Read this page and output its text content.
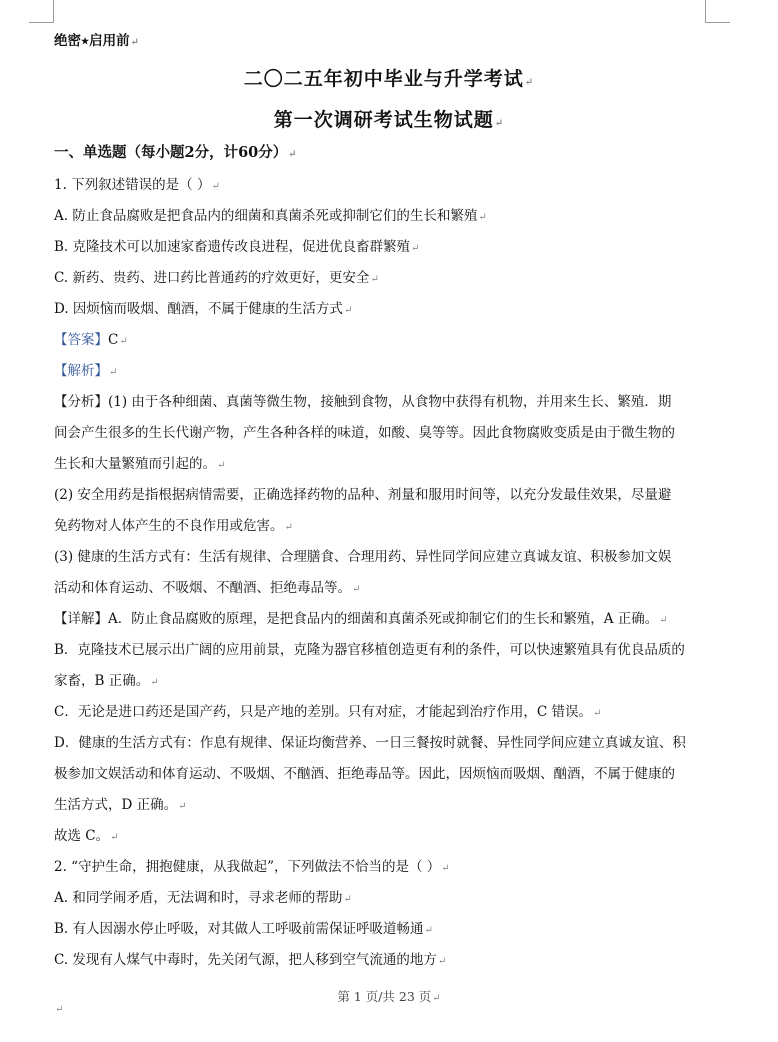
绝密★启用前↵
二〇二五年初中毕业与升学考试↵
第一次调研考试生物试题↵
一、单选题（每小题2分，计60分）↵
1. 下列叙述错误的是（ ）↵
A. 防止食品腐败是把食品内的细菌和真菌杀死或抑制它们的生长和繁殖↵
B. 克隆技术可以加速家畜遗传改良进程，促进优良畜群繁殖↵
C. 新药、贵药、进口药比普通药的疗效更好，更安全↵
D. 因烦恼而吸烟、酗酒，不属于健康的生活方式↵
【答案】C↵
【解析】↵
【分析】(1) 由于各种细菌、真菌等微生物，接触到食物，从食物中获得有机物，并用来生长、繁殖．期
间会产生很多的生长代谢产物，产生各种各样的味道，如酸、臭等等。因此食物腐败变质是由于微生物的
生长和大量繁殖而引起的。↵
(2) 安全用药是指根据病情需要，正确选择药物的品种、剂量和服用时间等，以充分发最佳效果，尽量避
免药物对人体产生的不良作用或危害。↵
(3) 健康的生活方式有：生活有规律、合理膳食、合理用药、异性同学间应建立真诚友谊、积极参加文娱
活动和体育运动、不吸烟、不酗酒、拒绝毒品等。↵
【详解】A．防止食品腐败的原理，是把食品内的细菌和真菌杀死或抑制它们的生长和繁殖，A 正确。↵
B．克隆技术已展示出广阔的应用前景，克隆为器官移植创造更有利的条件，可以快速繁殖具有优良品质的
家畜，B 正确。↵
C．无论是进口药还是国产药，只是产地的差别。只有对症，才能起到治疗作用，C 错误。↵
D．健康的生活方式有：作息有规律、保证均衡营养、一日三餐按时就餐、异性同学间应建立真诚友谊、积
极参加文娱活动和体育运动、不吸烟、不酗酒、拒绝毒品等。因此，因烦恼而吸烟、酗酒，不属于健康的
生活方式，D 正确。↵
故选 C。↵
2. “守护生命，拥抱健康，从我做起”，下列做法不恰当的是（ ）↵
A. 和同学闹矛盾，无法调和时，寻求老师的帮助↵
B. 有人因溺水停止呼吸，对其做人工呼吸前需保证呼吸道畅通↵
C. 发现有人煤气中毒时，先关闭气源，把人移到空气流通的地方↵
第 1 页/共 23 页↵
↵
